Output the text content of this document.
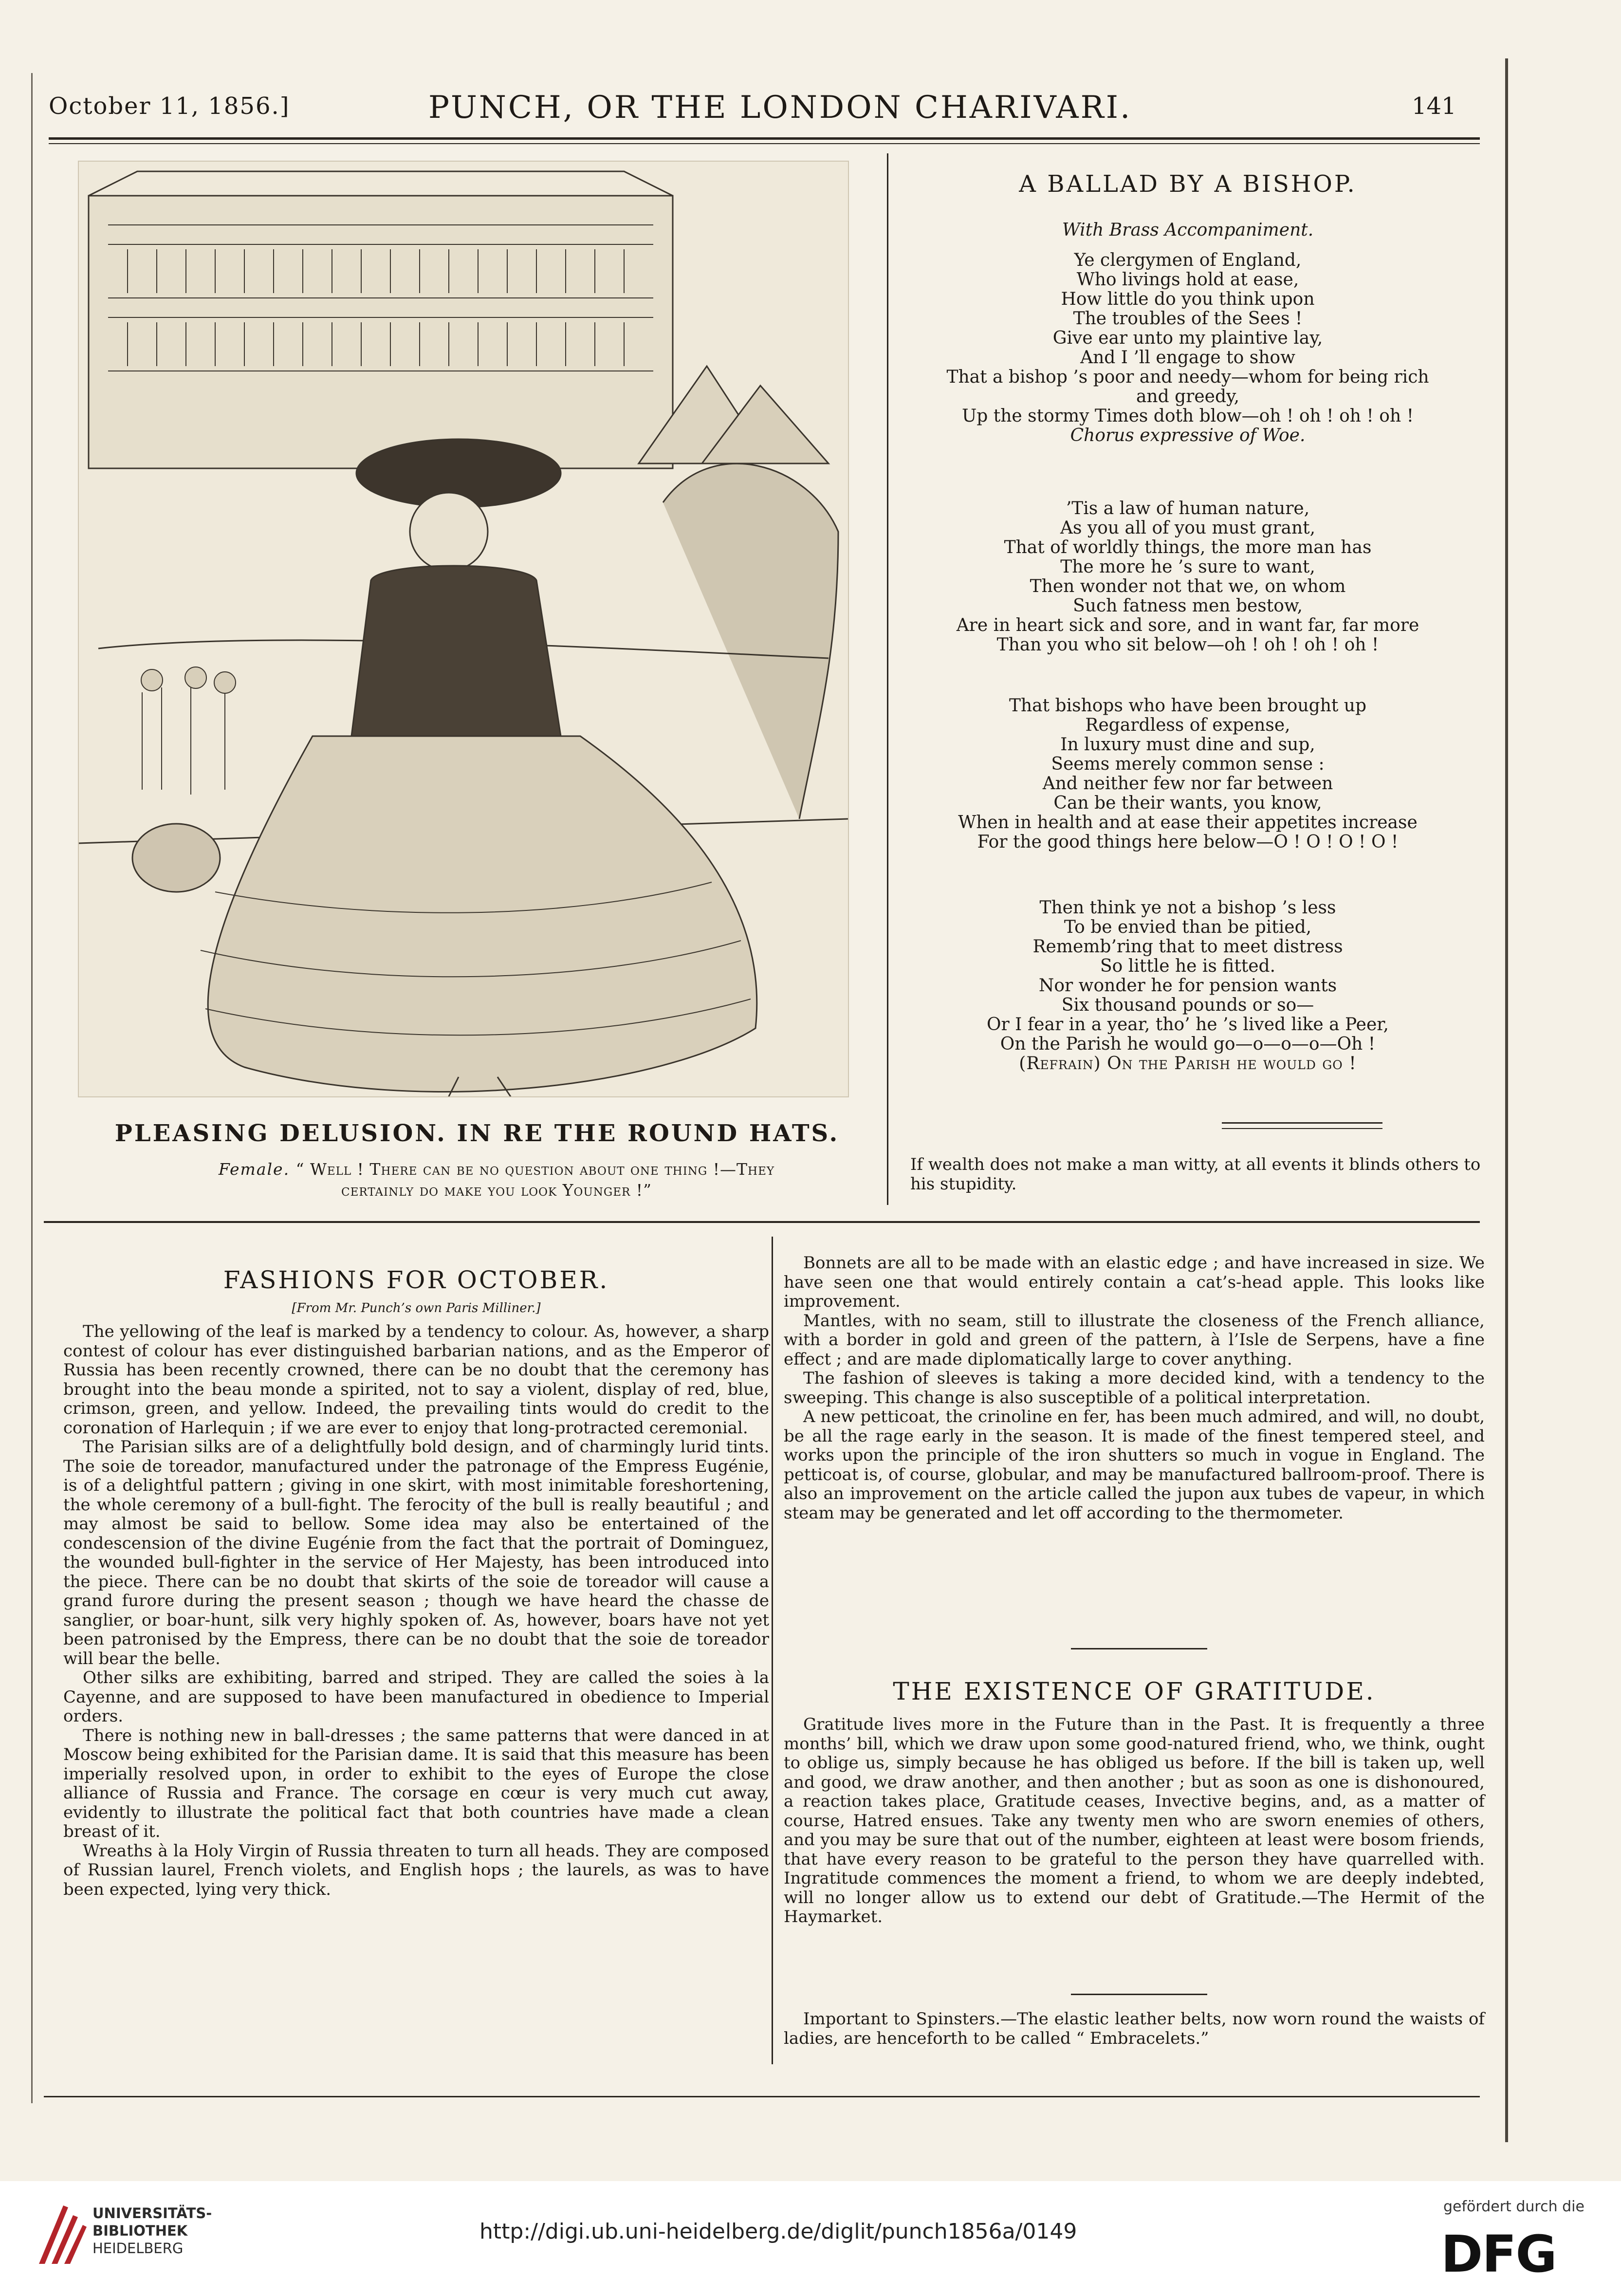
October 11, 1856.]	PUNCH, OR THE LONDON CHARIVARI.	141
PLEASING DELUSION. IN RE THE ROUND HATS.
Female. “ Well ! There can be no question about one thing !—They
certainly do make you look Younger !”
A BALLAD BY A BISHOP.
With Brass Accompaniment.
Ye clergymen of England,
Who livings hold at ease,
How little do you think upon
The troubles of the Sees !
Give ear unto my plaintive lay,
And I ’ll engage to show
That a bishop ’s poor and needy—whom for being rich
and greedy,
Up the stormy Times doth blow—oh ! oh ! oh ! oh !
Chorus expressive of Woe.
’Tis a law of human nature,
As you all of you must grant,
That of worldly things, the more man has
The more he ’s sure to want,
Then wonder not that we, on whom
Such fatness men bestow,
Are in heart sick and sore, and in want far, far more
Than you who sit below—oh ! oh ! oh ! oh !
That bishops who have been brought up
Regardless of expense,
In luxury must dine and sup,
Seems merely common sense :
And neither few nor far between
Can be their wants, you know,
When in health and at ease their appetites increase
For the good things here below—O ! O ! O ! O !
Then think ye not a bishop ’s less
To be envied than be pitied,
Rememb’ring that to meet distress
So little he is fitted.
Nor wonder he for pension wants
Six thousand pounds or so—
Or I fear in a year, tho’ he ’s lived like a Peer,
On the Parish he would go—o—o—o—Oh !
(Refrain) On the Parish he would go !
If wealth does not make a man witty, at all events it blinds others to his stupidity.
FASHIONS FOR OCTOBER.
[From Mr. Punch’s own Paris Milliner.]

The yellowing of the leaf is marked by a tendency to colour. As, however, a sharp contest of colour has ever distinguished barbarian nations, and as the Emperor of Russia has been recently crowned, there can be no doubt that the ceremony has brought into the beau monde a spirited, not to say a violent, display of red, blue, crimson, green, and yellow. Indeed, the prevailing tints would do credit to the coronation of Harlequin ; if we are ever to enjoy that long-protracted ceremonial.

The Parisian silks are of a delightfully bold design, and of charmingly lurid tints. The soie de toreador, manufactured under the patronage of the Empress Eugénie, is of a delightful pattern ; giving in one skirt, with most inimitable foreshortening, the whole ceremony of a bull-fight. The ferocity of the bull is really beautiful ; and may almost be said to bellow. Some idea may also be entertained of the condescension of the divine Eugénie from the fact that the portrait of Dominguez, the wounded bull-fighter in the service of Her Majesty, has been introduced into the piece. There can be no doubt that skirts of the soie de toreador will cause a grand furore during the present season ; though we have heard the chasse de sanglier, or boar-hunt, silk very highly spoken of. As, however, boars have not yet been patronised by the Empress, there can be no doubt that the soie de toreador will bear the belle.

Other silks are exhibiting, barred and striped. They are called the soies à la Cayenne, and are supposed to have been manufactured in obedience to Imperial orders.

There is nothing new in ball-dresses ; the same patterns that were danced in at Moscow being exhibited for the Parisian dame. It is said that this measure has been imperially resolved upon, in order to exhibit to the eyes of Europe the close alliance of Russia and France. The corsage en cœur is very much cut away, evidently to illustrate the political fact that both countries have made a clean breast of it.

Wreaths à la Holy Virgin of Russia threaten to turn all heads. They are composed of Russian laurel, French violets, and English hops ; the laurels, as was to have been expected, lying very thick.

Bonnets are all to be made with an elastic edge ; and have increased in size. We have seen one that would entirely contain a cat’s-head apple. This looks like improvement.

Mantles, with no seam, still to illustrate the closeness of the French alliance, with a border in gold and green of the pattern, à l’Isle de Serpens, have a fine effect ; and are made diplomatically large to cover anything.

The fashion of sleeves is taking a more decided kind, with a tendency to the sweeping. This change is also susceptible of a political interpretation.

A new petticoat, the crinoline en fer, has been much admired, and will, no doubt, be all the rage early in the season. It is made of the finest tempered steel, and works upon the principle of the iron shutters so much in vogue in England. The petticoat is, of course, globular, and may be manufactured ballroom-proof. There is also an improvement on the article called the jupon aux tubes de vapeur, in which steam may be generated and let off according to the thermometer.

THE EXISTENCE OF GRATITUDE.

Gratitude lives more in the Future than in the Past. It is frequently a three months’ bill, which we draw upon some good-natured friend, who, we think, ought to oblige us, simply because he has obliged us before. If the bill is taken up, well and good, we draw another, and then another ; but as soon as one is dishonoured, a reaction takes place, Gratitude ceases, Invective begins, and, as a matter of course, Hatred ensues. Take any twenty men who are sworn enemies of others, and you may be sure that out of the number, eighteen at least were bosom friends, that have every reason to be grateful to the person they have quarrelled with. Ingratitude commences the moment a friend, to whom we are deeply indebted, will no longer allow us to extend our debt of Gratitude.—The Hermit of the Haymarket.

Important to Spinsters.—The elastic leather belts, now worn round the waists of ladies, are henceforth to be called “ Embracelets.”

UNIVERSITÄTS-
BIBLIOTHEK
HEIDELBERG
http://digi.ub.uni-heidelberg.de/diglit/punch1856a/0149
gefördert durch die
DFG
